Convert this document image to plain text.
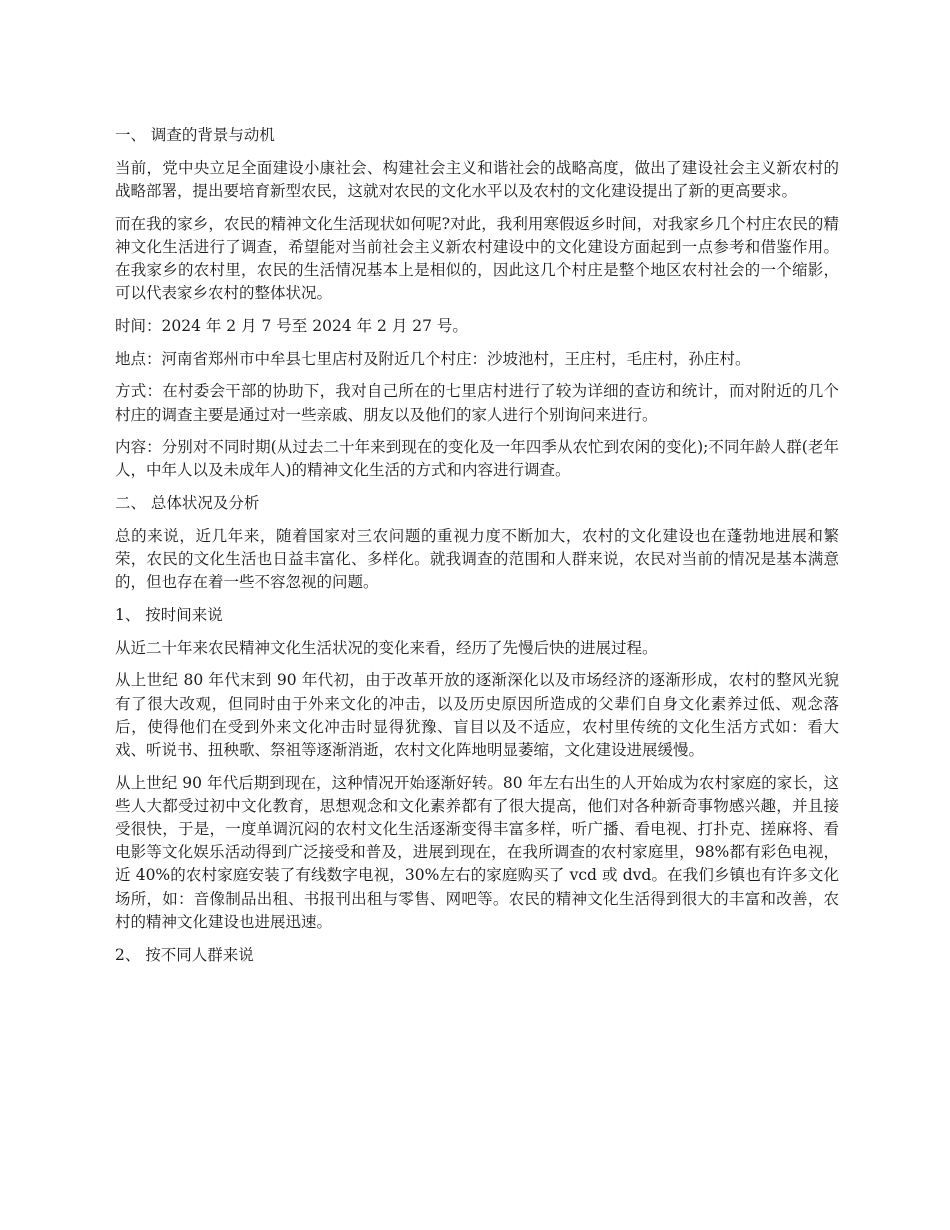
一、 调查的背景与动机

当前，党中央立足全面建设小康社会、构建社会主义和谐社会的战略高度，做出了建设社会主义新农村的战略部署，提出要培育新型农民，这就对农民的文化水平以及农村的文化建设提出了新的更高要求。

而在我的家乡，农民的精神文化生活现状如何呢?对此，我利用寒假返乡时间，对我家乡几个村庄农民的精神文化生活进行了调查，希望能对当前社会主义新农村建设中的文化建设方面起到一点参考和借鉴作用。在我家乡的农村里，农民的生活情况基本上是相似的，因此这几个村庄是整个地区农村社会的一个缩影，可以代表家乡农村的整体状况。

时间：2024 年 2 月 7 号至 2024 年 2 月 27 号。

地点：河南省郑州市中牟县七里店村及附近几个村庄：沙坡池村，王庄村，毛庄村，孙庄村。

方式：在村委会干部的协助下，我对自己所在的七里店村进行了较为详细的查访和统计，而对附近的几个村庄的调查主要是通过对一些亲戚、朋友以及他们的家人进行个别询问来进行。

内容：分别对不同时期(从过去二十年来到现在的变化及一年四季从农忙到农闲的变化);不同年龄人群(老年人，中年人以及未成年人)的精神文化生活的方式和内容进行调查。

二、 总体状况及分析

总的来说，近几年来，随着国家对三农问题的重视力度不断加大，农村的文化建设也在蓬勃地进展和繁荣，农民的文化生活也日益丰富化、多样化。就我调查的范围和人群来说，农民对当前的情况是基本满意的，但也存在着一些不容忽视的问题。

1、 按时间来说

从近二十年来农民精神文化生活状况的变化来看，经历了先慢后快的进展过程。

从上世纪 80 年代末到 90 年代初，由于改革开放的逐渐深化以及市场经济的逐渐形成，农村的整风光貌有了很大改观，但同时由于外来文化的冲击，以及历史原因所造成的父辈们自身文化素养过低、观念落后，使得他们在受到外来文化冲击时显得犹豫、盲目以及不适应，农村里传统的文化生活方式如：看大戏、听说书、扭秧歌、祭祖等逐渐消逝，农村文化阵地明显萎缩，文化建设进展缓慢。

从上世纪 90 年代后期到现在，这种情况开始逐渐好转。80 年左右出生的人开始成为农村家庭的家长，这些人大都受过初中文化教育，思想观念和文化素养都有了很大提高，他们对各种新奇事物感兴趣，并且接受很快，于是，一度单调沉闷的农村文化生活逐渐变得丰富多样，听广播、看电视、打扑克、搓麻将、看电影等文化娱乐活动得到广泛接受和普及，进展到现在，在我所调查的农村家庭里，98%都有彩色电视，近 40%的农村家庭安装了有线数字电视，30%左右的家庭购买了 vcd 或 dvd。在我们乡镇也有许多文化场所，如：音像制品出租、书报刊出租与零售、网吧等。农民的精神文化生活得到很大的丰富和改善，农村的精神文化建设也进展迅速。

2、 按不同人群来说
